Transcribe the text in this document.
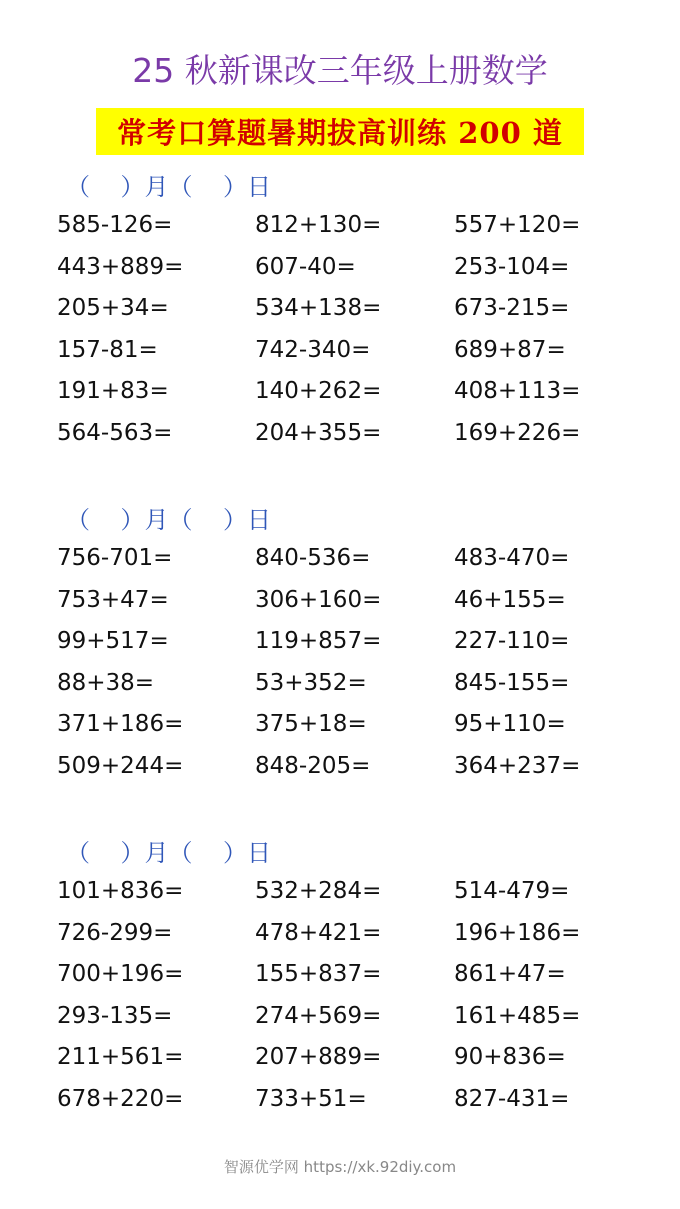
25 秋新课改三年级上册数学
常考口算题暑期拔高训练 200 道
（    ）月（    ）日
585-126=	812+130=	557+120=
443+889=	607-40=	253-104=
205+34=	534+138=	673-215=
157-81=	742-340=	689+87=
191+83=	140+262=	408+113=
564-563=	204+355=	169+226=
（    ）月（    ）日
756-701=	840-536=	483-470=
753+47=	306+160=	46+155=
99+517=	119+857=	227-110=
88+38=	53+352=	845-155=
371+186=	375+18=	95+110=
509+244=	848-205=	364+237=
（    ）月（    ）日
101+836=	532+284=	514-479=
726-299=	478+421=	196+186=
700+196=	155+837=	861+47=
293-135=	274+569=	161+485=
211+561=	207+889=	90+836=
678+220=	733+51=	827-431=
智源优学网 https://xk.92diy.com
